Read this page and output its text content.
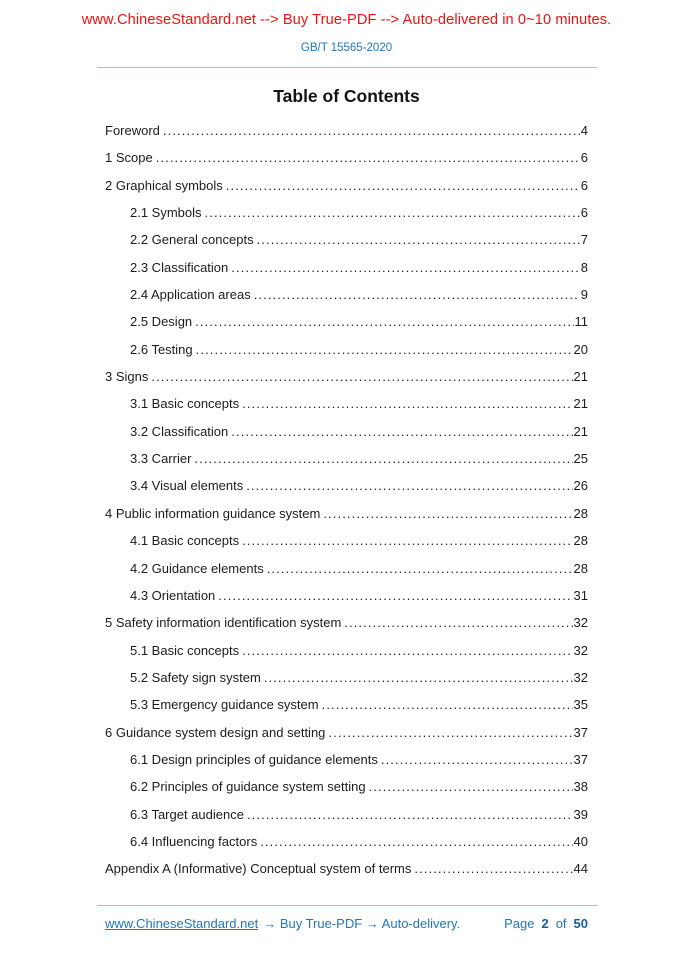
www.ChineseStandard.net --> Buy True-PDF --> Auto-delivered in 0~10 minutes.
GB/T 15565-2020
Table of Contents
Foreword .....	4
1 Scope .....	6
2 Graphical symbols .....	6
2.1 Symbols .....	6
2.2 General concepts .....	7
2.3 Classification .....	8
2.4 Application areas .....	9
2.5 Design .....	11
2.6 Testing .....	20
3 Signs .....	21
3.1 Basic concepts .....	21
3.2 Classification .....	21
3.3 Carrier .....	25
3.4 Visual elements .....	26
4 Public information guidance system .....	28
4.1 Basic concepts .....	28
4.2 Guidance elements .....	28
4.3 Orientation .....	31
5 Safety information identification system .....	32
5.1 Basic concepts .....	32
5.2 Safety sign system .....	32
5.3 Emergency guidance system .....	35
6 Guidance system design and setting .....	37
6.1 Design principles of guidance elements .....	37
6.2 Principles of guidance system setting .....	38
6.3 Target audience .....	39
6.4 Influencing factors .....	40
Appendix A (Informative) Conceptual system of terms .....	44
www.ChineseStandard.net → Buy True-PDF → Auto-delivery.	Page 2 of 50
